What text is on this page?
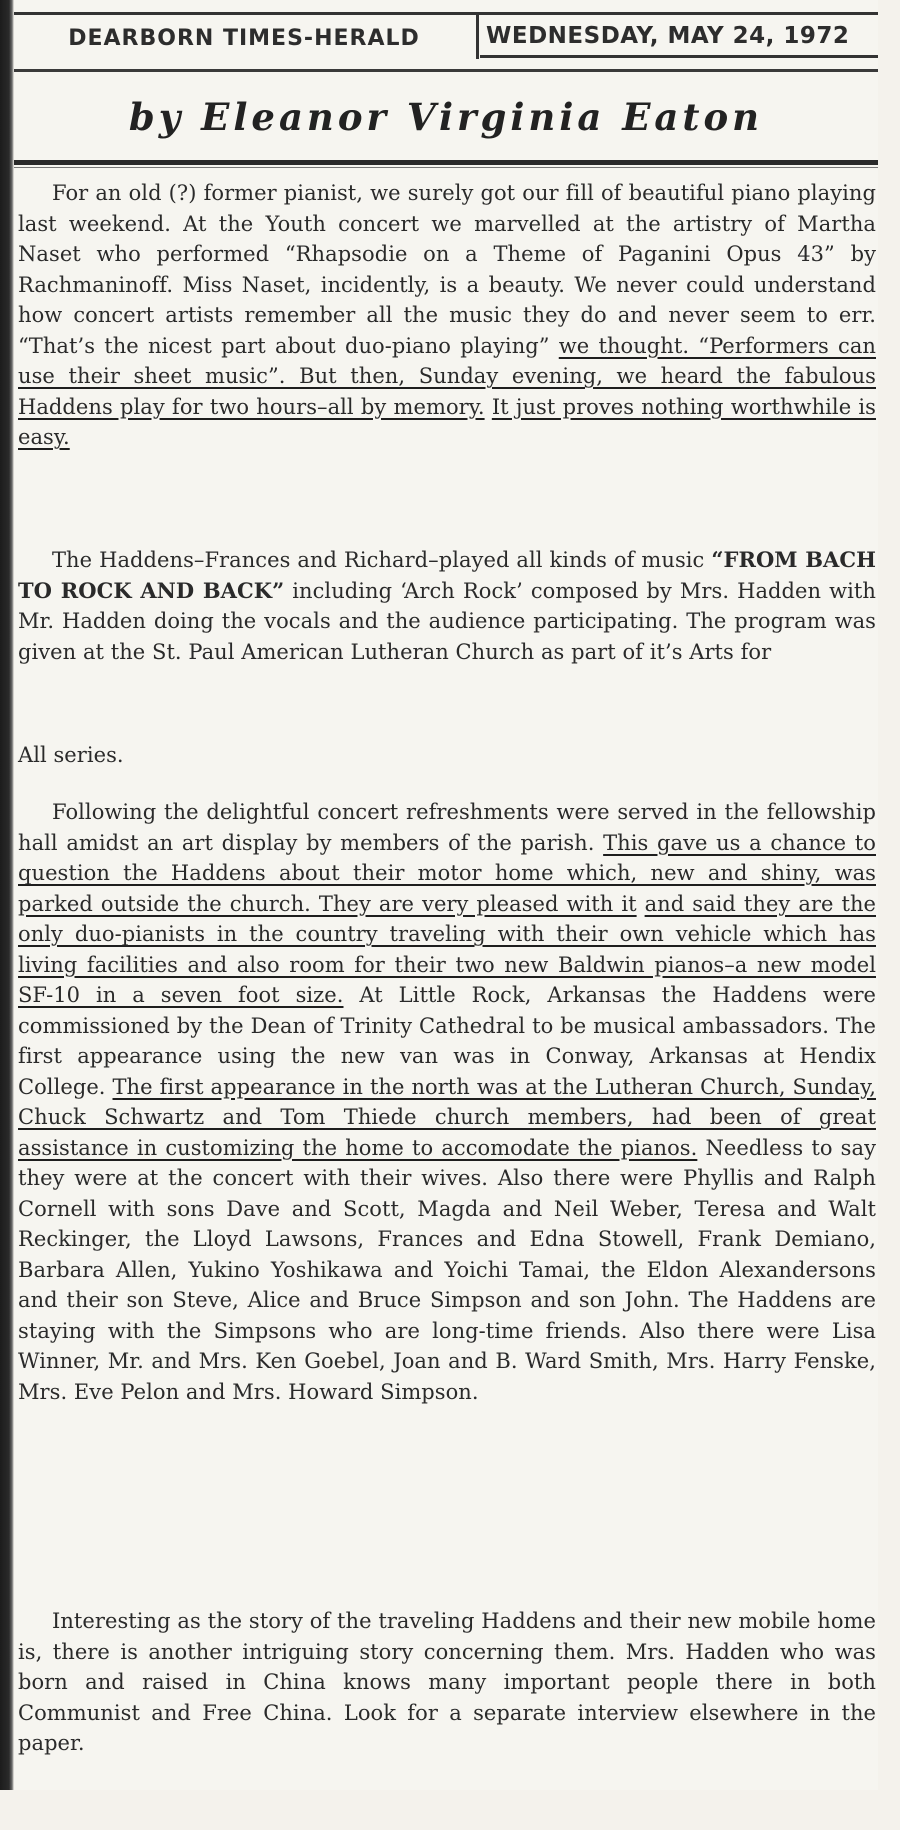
DEARBORN TIMES-HERALD	WEDNESDAY, MAY 24, 1972
by Eleanor Virginia Eaton
For an old (?) former pianist, we surely got our fill of beautiful piano playing last weekend. At the Youth concert we marvelled at the artistry of Martha Naset who performed “Rhapsodie on a Theme of Paganini Opus 43” by Rachmaninoff. Miss Naset, incidently, is a beauty. We never could understand how concert artists remember all the music they do and never seem to err. “That’s the nicest part about duo-piano playing” we thought. “Performers can use their sheet music”. But then, Sunday evening, we heard the fabulous Haddens play for two hours–all by memory. It just proves nothing worthwhile is easy.
The Haddens–Frances and Richard–played all kinds of music “FROM BACH TO ROCK AND BACK” including ‘Arch Rock’ composed by Mrs. Hadden with Mr. Hadden doing the vocals and the audience participating. The program was given at the St. Paul American Lutheran Church as part of it’s Arts for
All series.
Following the delightful concert refreshments were served in the fellowship hall amidst an art display by members of the parish. This gave us a chance to question the Haddens about their motor home which, new and shiny, was parked outside the church. They are very pleased with it and said they are the only duo-pianists in the country traveling with their own vehicle which has living facilities and also room for their two new Baldwin pianos–a new model SF-10 in a seven foot size. At Little Rock, Arkansas the Haddens were commissioned by the Dean of Trinity Cathedral to be musical ambassadors. The first appearance using the new van was in Conway, Arkansas at Hendix College. The first appearance in the north was at the Lutheran Church, Sunday, Chuck Schwartz and Tom Thiede church members, had been of great assistance in customizing the home to accomodate the pianos. Needless to say they were at the concert with their wives. Also there were Phyllis and Ralph Cornell with sons Dave and Scott, Magda and Neil Weber, Teresa and Walt Reckinger, the Lloyd Lawsons, Frances and Edna Stowell, Frank Demiano, Barbara Allen, Yukino Yoshikawa and Yoichi Tamai, the Eldon Alexandersons and their son Steve, Alice and Bruce Simpson and son John. The Haddens are staying with the Simpsons who are long-time friends. Also there were Lisa Winner, Mr. and Mrs. Ken Goebel, Joan and B. Ward Smith, Mrs. Harry Fenske, Mrs. Eve Pelon and Mrs. Howard Simpson.
Interesting as the story of the traveling Haddens and their new mobile home is, there is another intriguing story concerning them. Mrs. Hadden who was born and raised in China knows many important people there in both Communist and Free China. Look for a separate interview elsewhere in the paper.
